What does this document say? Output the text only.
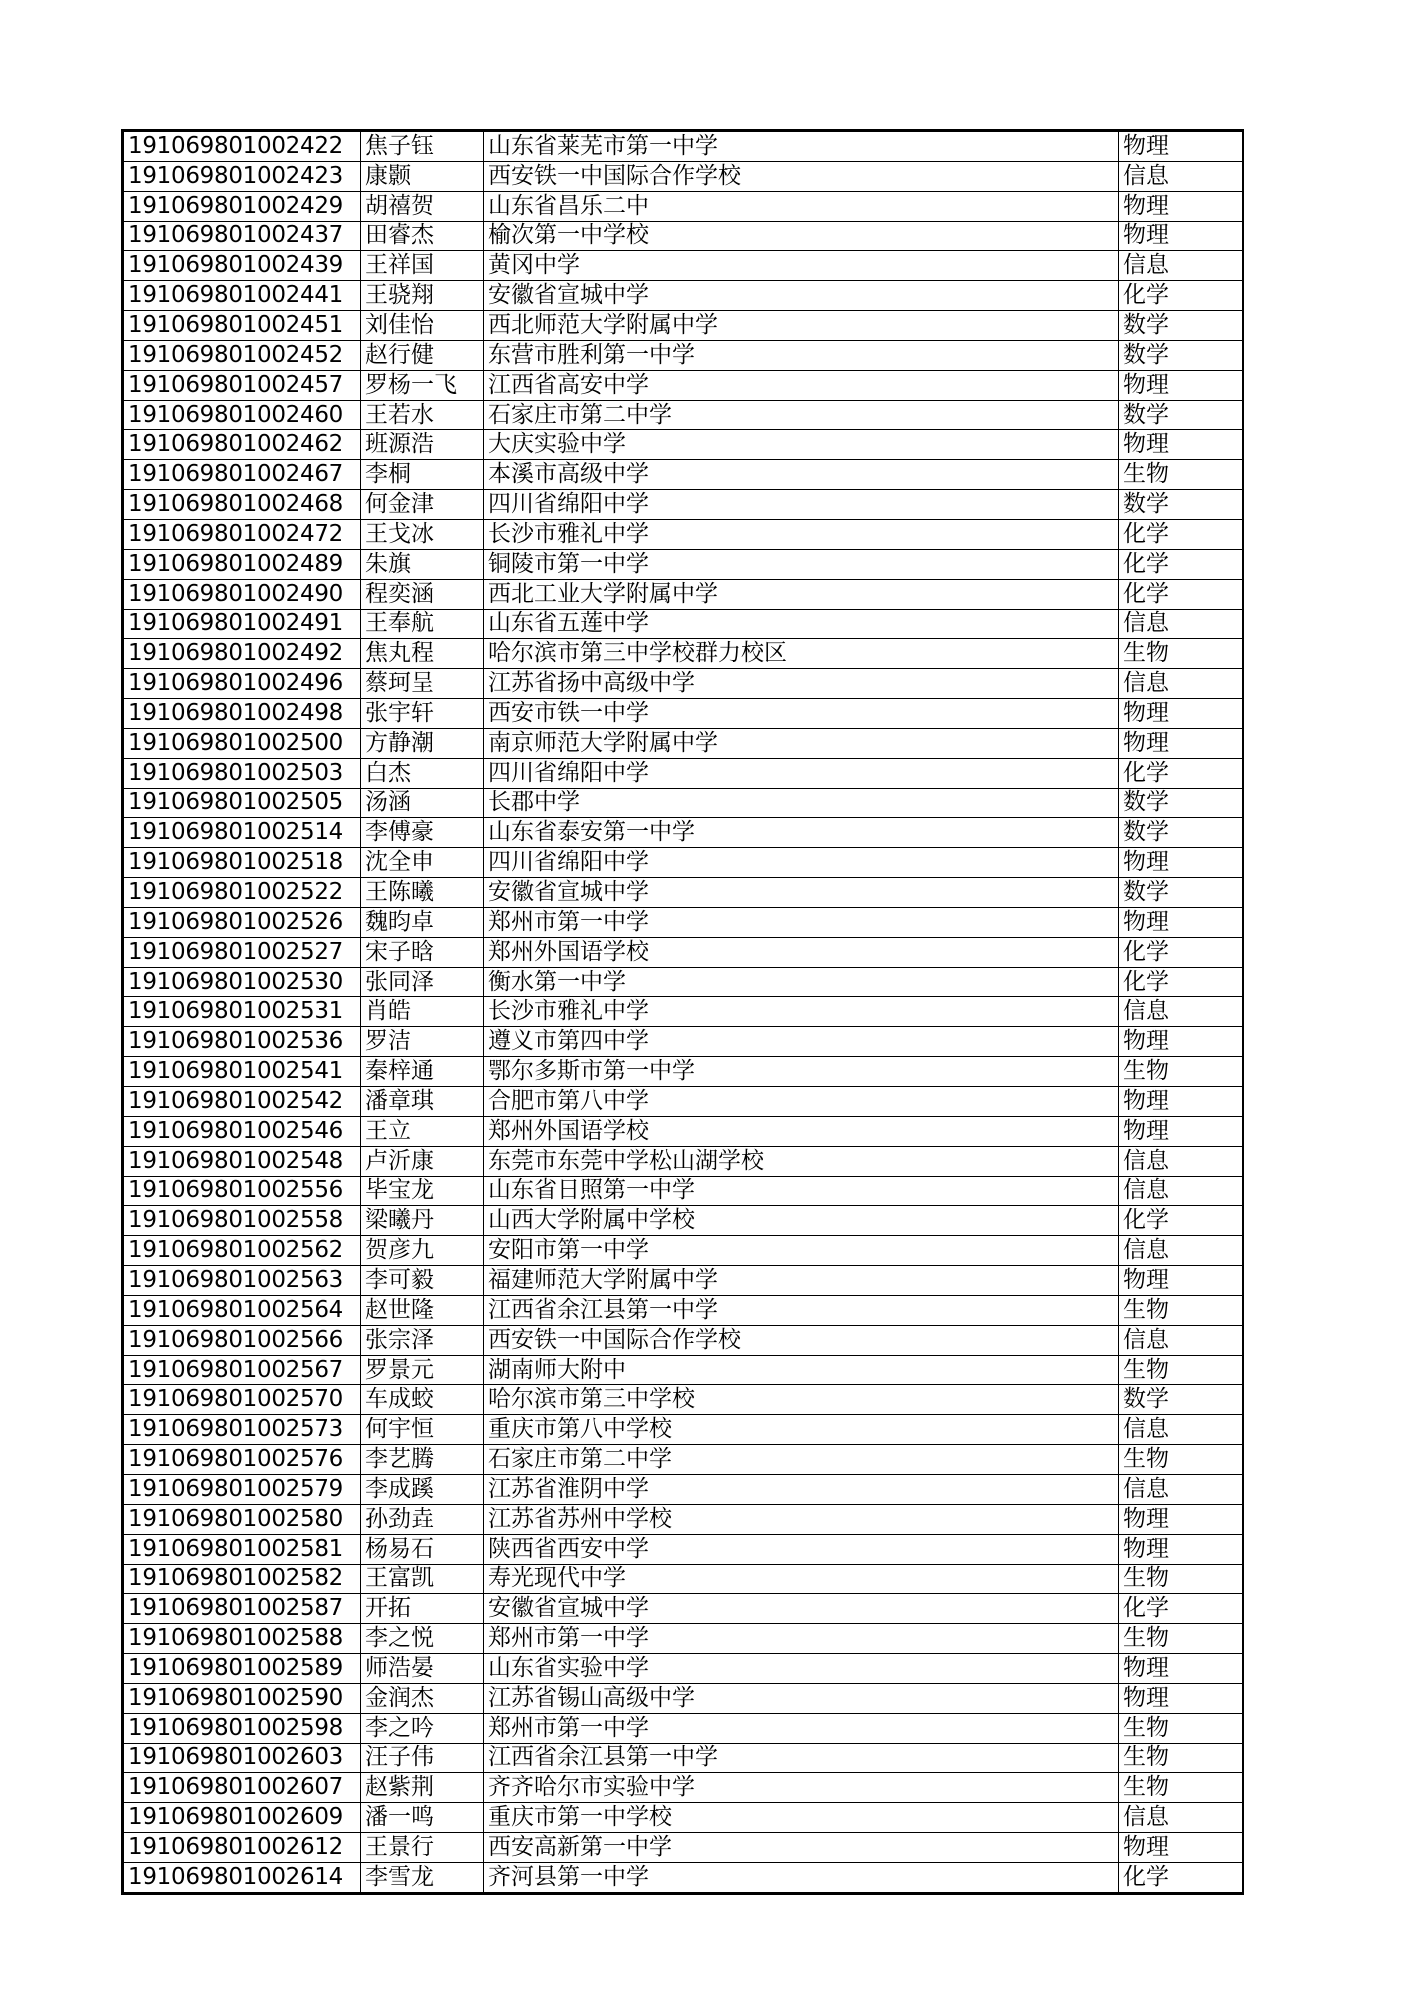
191069801002422	焦子钰	山东省莱芜市第一中学	物理
191069801002423	康颢	西安铁一中国际合作学校	信息
191069801002429	胡禧贺	山东省昌乐二中	物理
191069801002437	田睿杰	榆次第一中学校	物理
191069801002439	王祥国	黄冈中学	信息
191069801002441	王骁翔	安徽省宣城中学	化学
191069801002451	刘佳怡	西北师范大学附属中学	数学
191069801002452	赵行健	东营市胜利第一中学	数学
191069801002457	罗杨一飞	江西省高安中学	物理
191069801002460	王若水	石家庄市第二中学	数学
191069801002462	班源浩	大庆实验中学	物理
191069801002467	李桐	本溪市高级中学	生物
191069801002468	何金津	四川省绵阳中学	数学
191069801002472	王戈冰	长沙市雅礼中学	化学
191069801002489	朱旗	铜陵市第一中学	化学
191069801002490	程奕涵	西北工业大学附属中学	化学
191069801002491	王奉航	山东省五莲中学	信息
191069801002492	焦丸程	哈尔滨市第三中学校群力校区	生物
191069801002496	蔡珂呈	江苏省扬中高级中学	信息
191069801002498	张宇轩	西安市铁一中学	物理
191069801002500	方静潮	南京师范大学附属中学	物理
191069801002503	白杰	四川省绵阳中学	化学
191069801002505	汤涵	长郡中学	数学
191069801002514	李傅豪	山东省泰安第一中学	数学
191069801002518	沈全申	四川省绵阳中学	物理
191069801002522	王陈曦	安徽省宣城中学	数学
191069801002526	魏昀卓	郑州市第一中学	物理
191069801002527	宋子晗	郑州外国语学校	化学
191069801002530	张同泽	衡水第一中学	化学
191069801002531	肖皓	长沙市雅礼中学	信息
191069801002536	罗洁	遵义市第四中学	物理
191069801002541	秦梓通	鄂尔多斯市第一中学	生物
191069801002542	潘章琪	合肥市第八中学	物理
191069801002546	王立	郑州外国语学校	物理
191069801002548	卢沂康	东莞市东莞中学松山湖学校	信息
191069801002556	毕宝龙	山东省日照第一中学	信息
191069801002558	梁曦丹	山西大学附属中学校	化学
191069801002562	贺彦九	安阳市第一中学	信息
191069801002563	李可毅	福建师范大学附属中学	物理
191069801002564	赵世隆	江西省余江县第一中学	生物
191069801002566	张宗泽	西安铁一中国际合作学校	信息
191069801002567	罗景元	湖南师大附中	生物
191069801002570	车成蛟	哈尔滨市第三中学校	数学
191069801002573	何宇恒	重庆市第八中学校	信息
191069801002576	李艺腾	石家庄市第二中学	生物
191069801002579	李成蹊	江苏省淮阴中学	信息
191069801002580	孙劲垚	江苏省苏州中学校	物理
191069801002581	杨易石	陕西省西安中学	物理
191069801002582	王富凯	寿光现代中学	生物
191069801002587	开拓	安徽省宣城中学	化学
191069801002588	李之悦	郑州市第一中学	生物
191069801002589	师浩晏	山东省实验中学	物理
191069801002590	金润杰	江苏省锡山高级中学	物理
191069801002598	李之吟	郑州市第一中学	生物
191069801002603	汪子伟	江西省余江县第一中学	生物
191069801002607	赵紫荆	齐齐哈尔市实验中学	生物
191069801002609	潘一鸣	重庆市第一中学校	信息
191069801002612	王景行	西安高新第一中学	物理
191069801002614	李雪龙	齐河县第一中学	化学
